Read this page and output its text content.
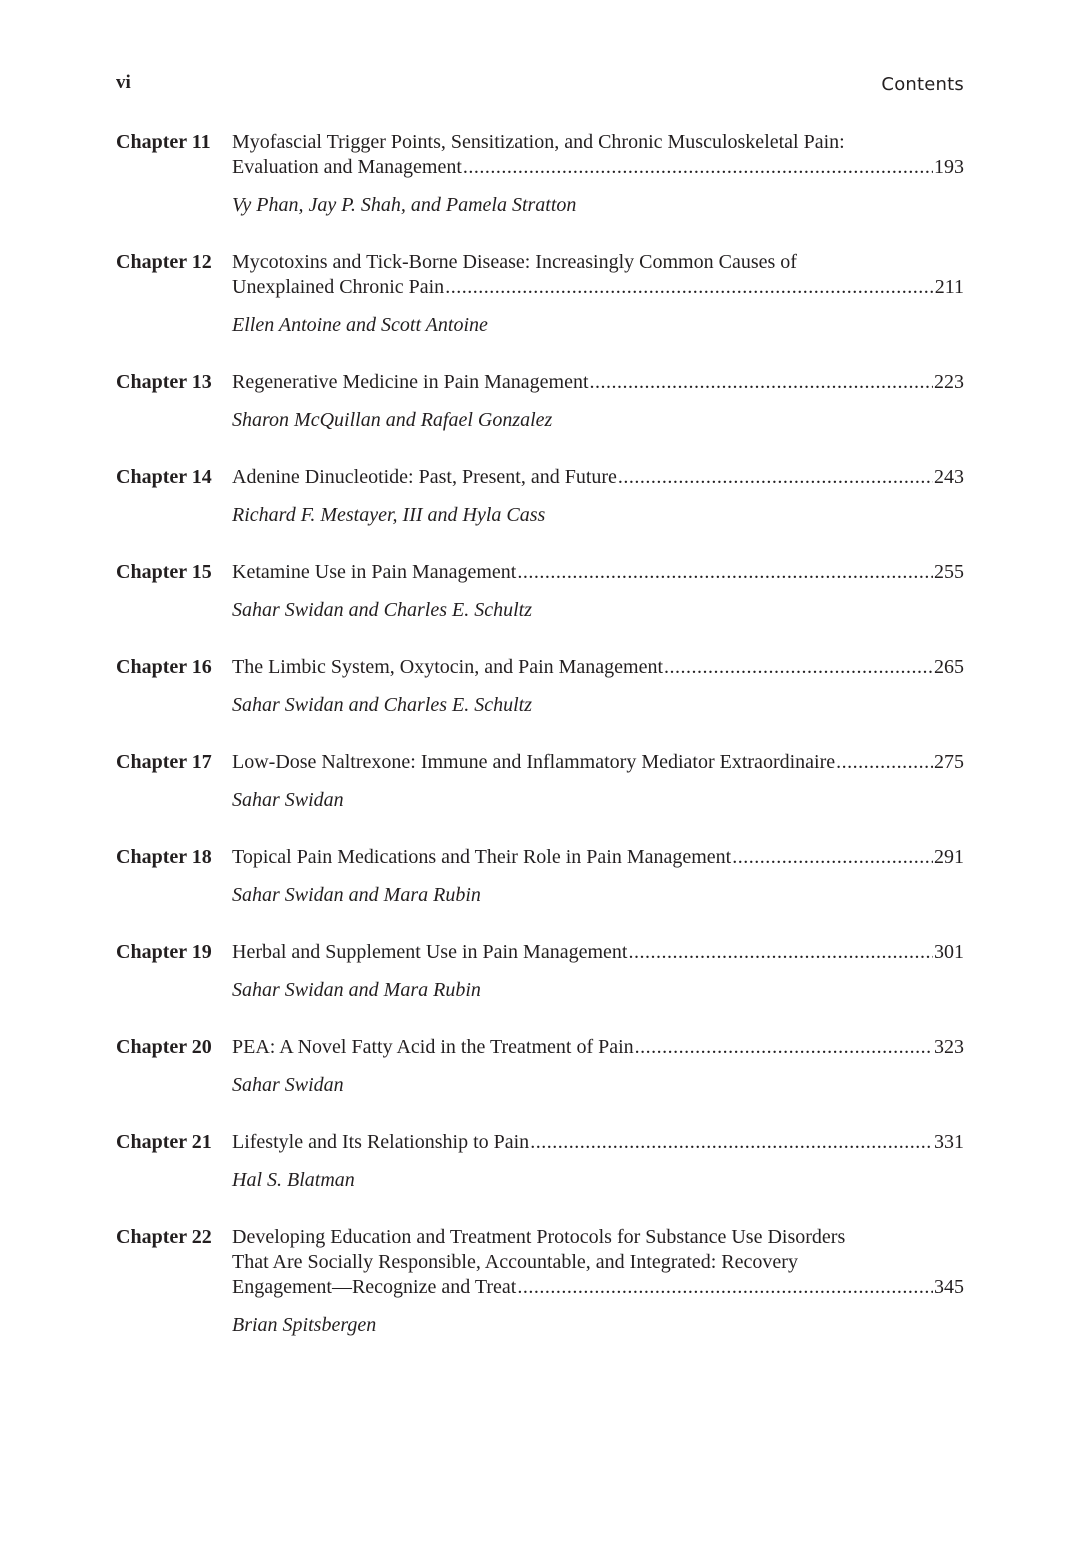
vi	Contents
Chapter 11 Myofascial Trigger Points, Sensitization, and Chronic Musculoskeletal Pain:
Evaluation and Management .....	193
Vy Phan, Jay P. Shah, and Pamela Stratton
Chapter 12 Mycotoxins and Tick-Borne Disease: Increasingly Common Causes of
Unexplained Chronic Pain .....	211
Ellen Antoine and Scott Antoine
Chapter 13 Regenerative Medicine in Pain Management .....	223
Sharon McQuillan and Rafael Gonzalez
Chapter 14 Adenine Dinucleotide: Past, Present, and Future .....	243
Richard F. Mestayer, III and Hyla Cass
Chapter 15 Ketamine Use in Pain Management .....	255
Sahar Swidan and Charles E. Schultz
Chapter 16 The Limbic System, Oxytocin, and Pain Management .....	265
Sahar Swidan and Charles E. Schultz
Chapter 17 Low-Dose Naltrexone: Immune and Inflammatory Mediator Extraordinaire .....	275
Sahar Swidan
Chapter 18 Topical Pain Medications and Their Role in Pain Management .....	291
Sahar Swidan and Mara Rubin
Chapter 19 Herbal and Supplement Use in Pain Management .....	301
Sahar Swidan and Mara Rubin
Chapter 20 PEA: A Novel Fatty Acid in the Treatment of Pain .....	323
Sahar Swidan
Chapter 21 Lifestyle and Its Relationship to Pain .....	331
Hal S. Blatman
Chapter 22 Developing Education and Treatment Protocols for Substance Use Disorders
That Are Socially Responsible, Accountable, and Integrated: Recovery
Engagement—Recognize and Treat .....	345
Brian Spitsbergen
